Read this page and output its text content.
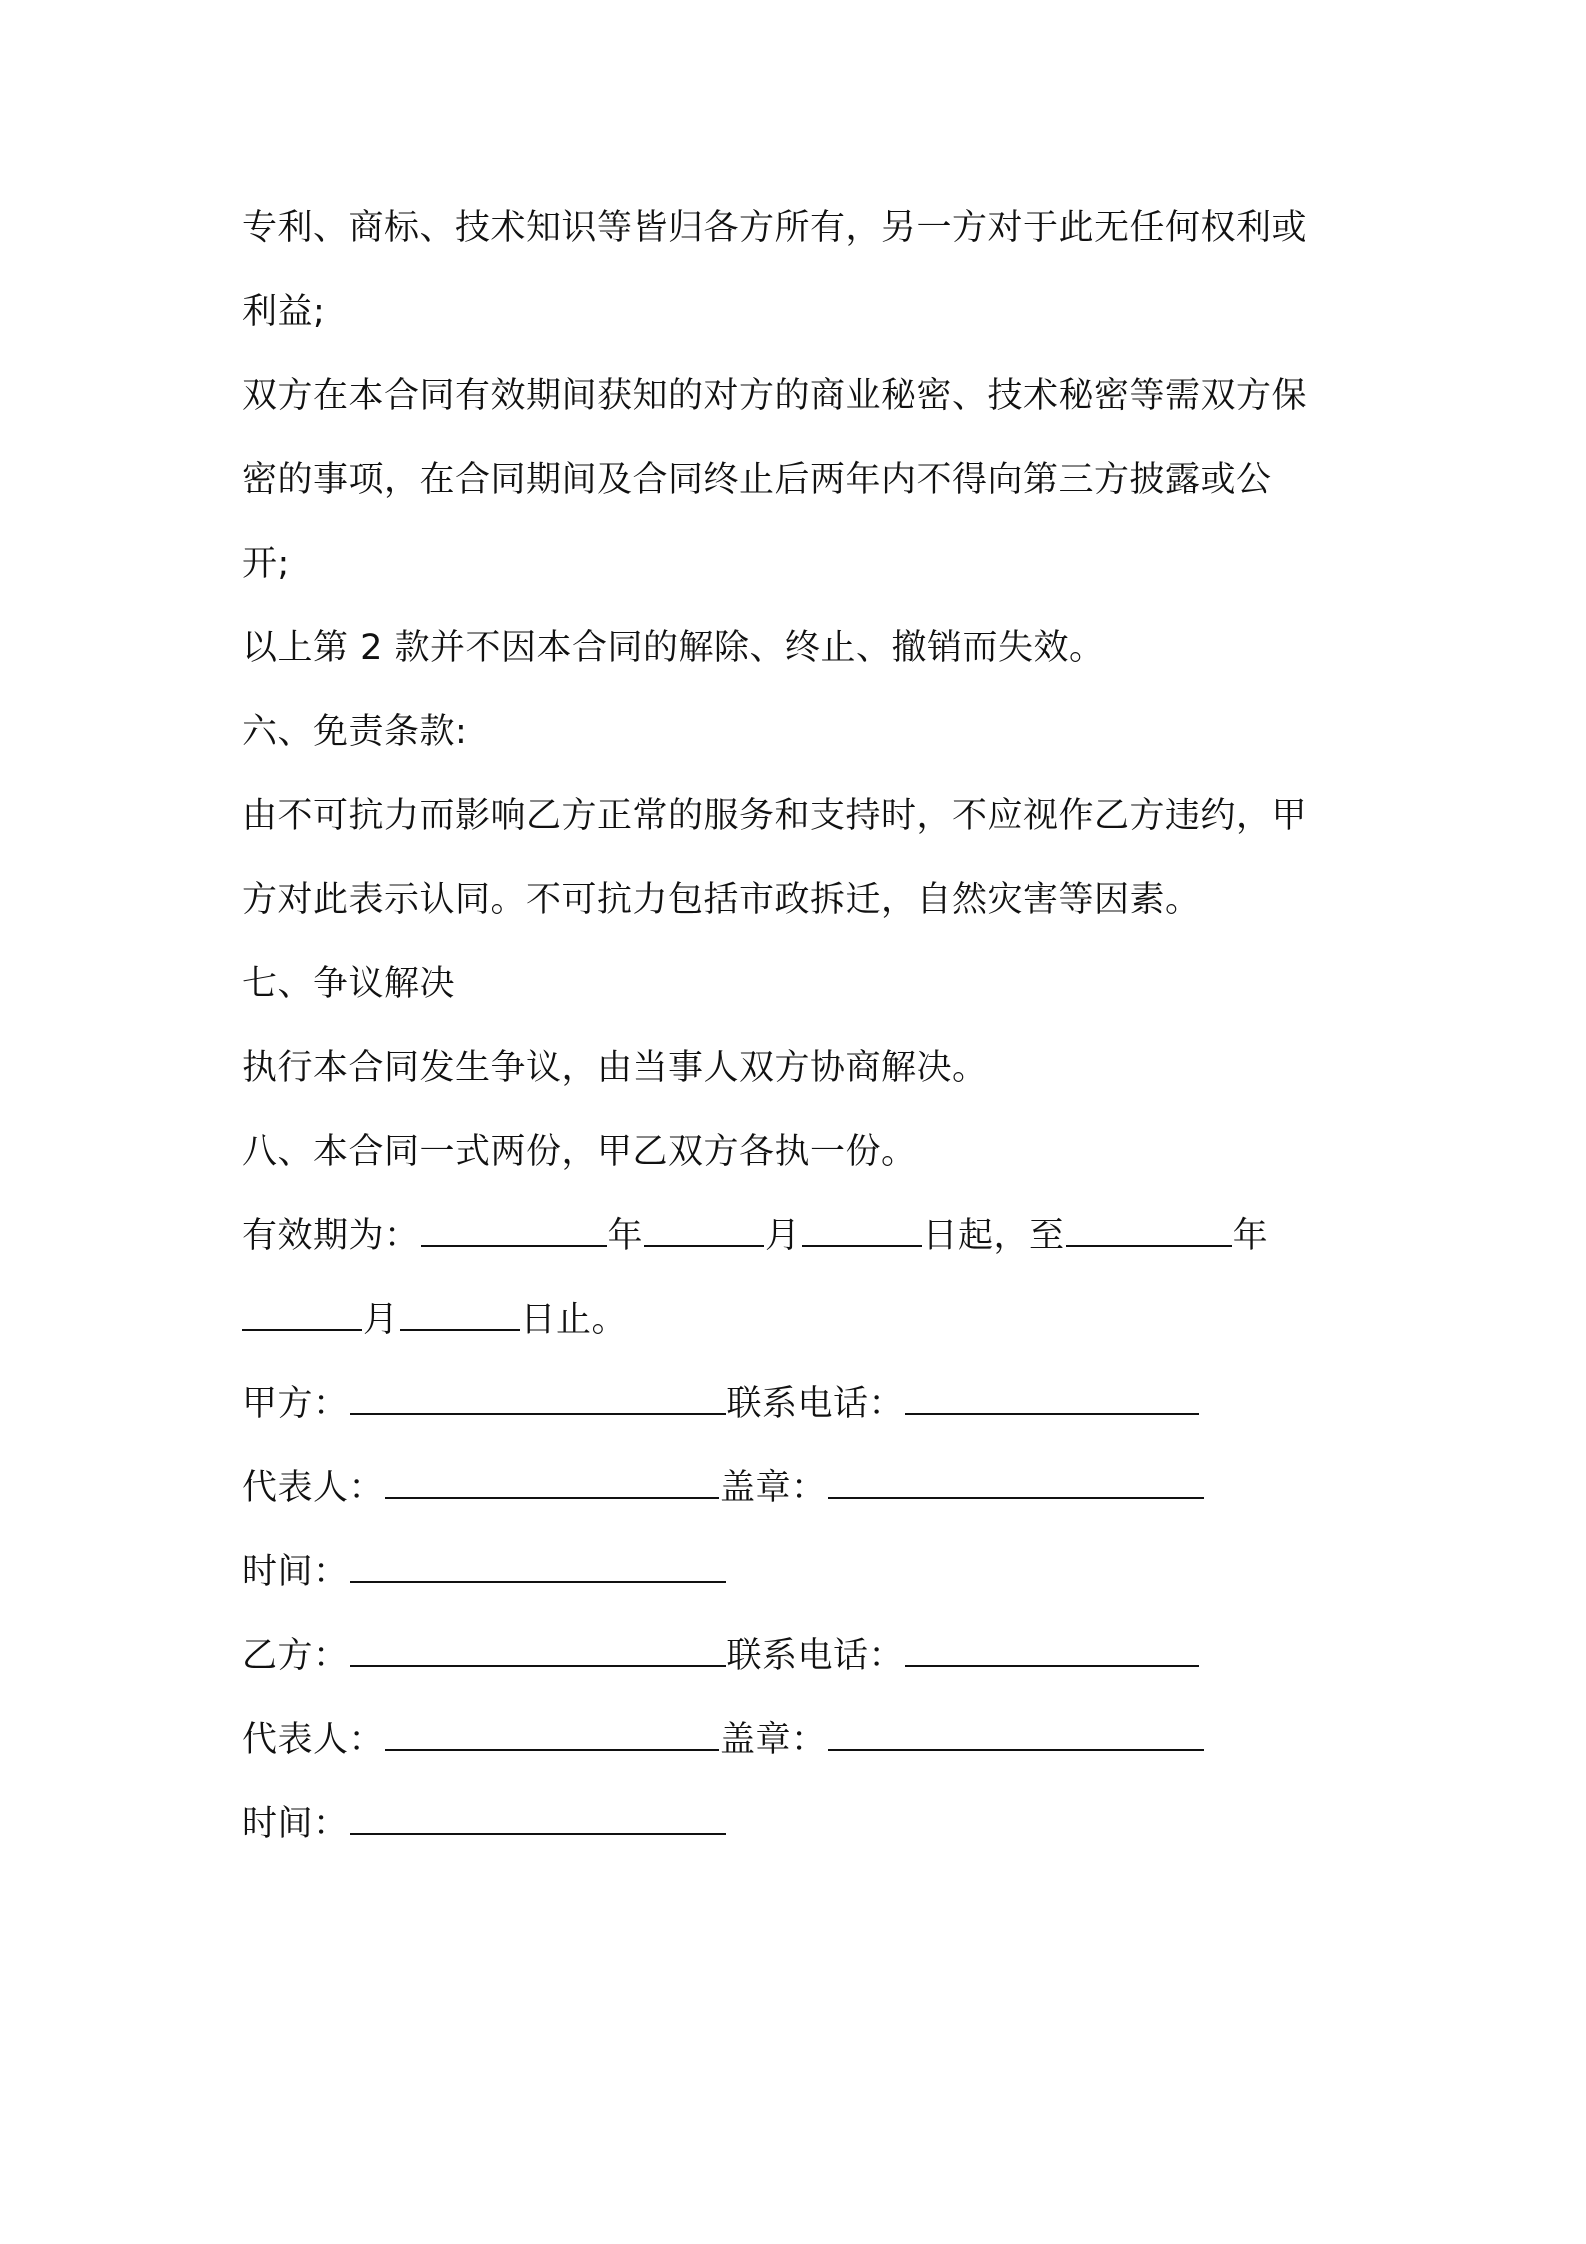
专利、商标、技术知识等皆归各方所有，另一方对于此无任何权利或
利益;
双方在本合同有效期间获知的对方的商业秘密、技术秘密等需双方保
密的事项，在合同期间及合同终止后两年内不得向第三方披露或公
开;
以上第 2 款并不因本合同的解除、终止、撤销而失效。
六、免责条款:
由不可抗力而影响乙方正常的服务和支持时，不应视作乙方违约，甲
方对此表示认同。不可抗力包括市政拆迁，自然灾害等因素。
七、争议解决
执行本合同发生争议，由当事人双方协商解决。
八、本合同一式两份，甲乙双方各执一份。
有效期为：	年	月	日起，至	年
月	日止。
甲方：	联系电话：
代表人：	盖章：
时间：
乙方：	联系电话：
代表人：	盖章：
时间：
